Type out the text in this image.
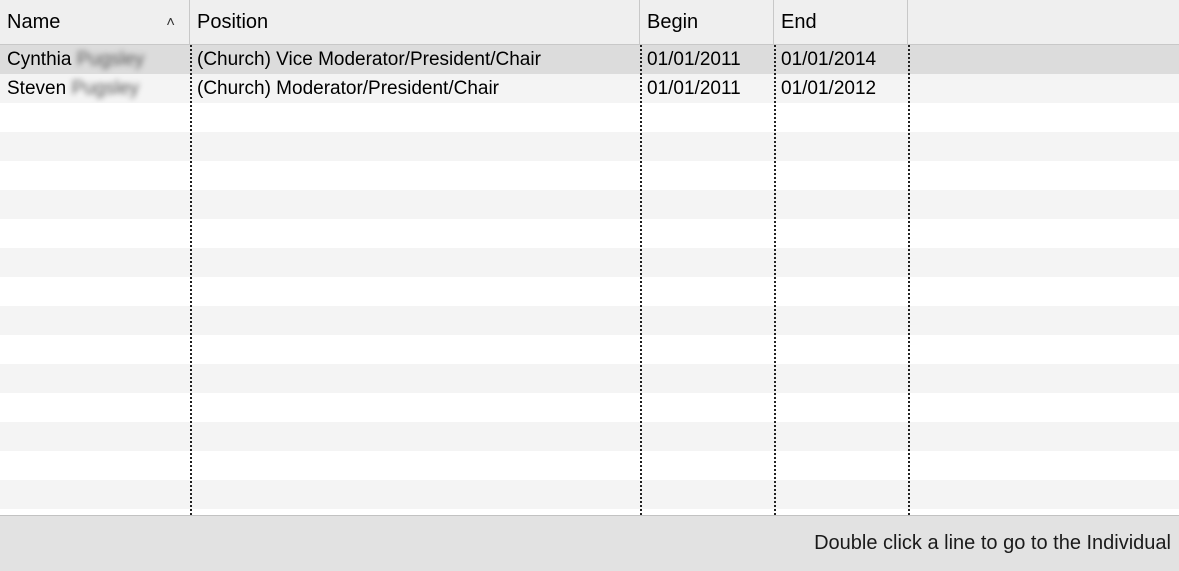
Name	˄ Position	Begin	End
Cynthia Pugsley	(Church) Vice Moderator/President/Chair	01/01/2011	01/01/2014
Steven Pugsley	(Church) Moderator/President/Chair	01/01/2011	01/01/2012
Double click a line to go to the Individual
